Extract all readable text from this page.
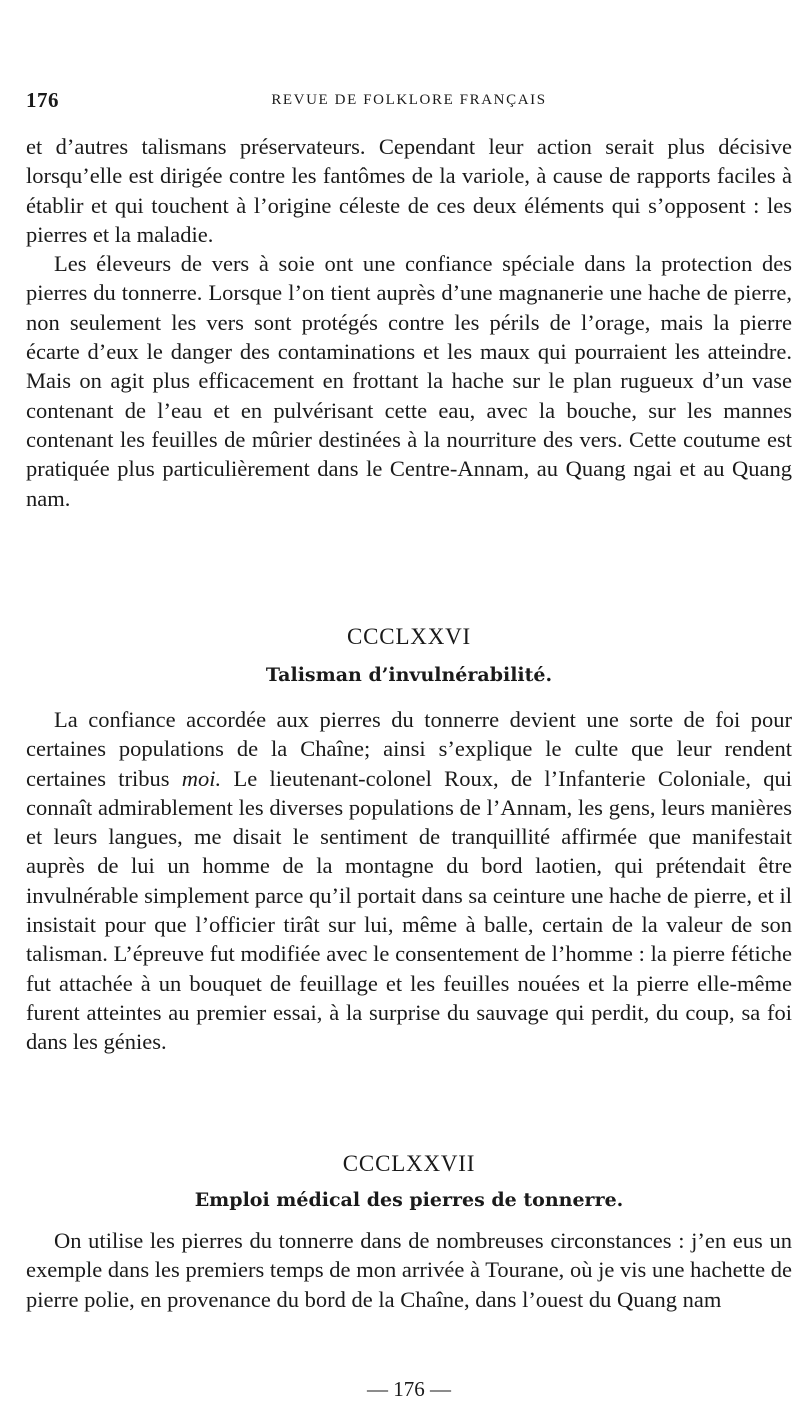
176	REVUE DE FOLKLORE FRANÇAIS

et d’autres talismans préservateurs. Cependant leur action serait plus décisive lorsqu’elle est dirigée contre les fantômes de la variole, à cause de rapports faciles à établir et qui touchent à l’origine céleste de ces deux éléments qui s’opposent : les pierres et la maladie.

Les éleveurs de vers à soie ont une confiance spéciale dans la protection des pierres du tonnerre. Lorsque l’on tient auprès d’une magnanerie une hache de pierre, non seulement les vers sont protégés contre les périls de l’orage, mais la pierre écarte d’eux le danger des contaminations et les maux qui pourraient les atteindre. Mais on agit plus efficacement en frottant la hache sur le plan rugueux d’un vase contenant de l’eau et en pulvérisant cette eau, avec la bouche, sur les mannes contenant les feuilles de mûrier destinées à la nourriture des vers. Cette coutume est pratiquée plus particulièrement dans le Centre-Annam, au Quang ngai et au Quang nam.

CCCLXXVI
Talisman d’invulnérabilité.

La confiance accordée aux pierres du tonnerre devient une sorte de foi pour certaines populations de la Chaîne; ainsi s’explique le culte que leur rendent certaines tribus moi. Le lieutenant-colonel Roux, de l’Infanterie Coloniale, qui connaît admirablement les diverses populations de l’Annam, les gens, leurs manières et leurs langues, me disait le sentiment de tranquillité affirmée que manifestait auprès de lui un homme de la montagne du bord laotien, qui prétendait être invulnérable simplement parce qu’il portait dans sa ceinture une hache de pierre, et il insistait pour que l’officier tirât sur lui, même à balle, certain de la valeur de son talisman. L’épreuve fut modifiée avec le consentement de l’homme : la pierre fétiche fut attachée à un bouquet de feuillage et les feuilles nouées et la pierre elle-même furent atteintes au premier essai, à la surprise du sauvage qui perdit, du coup, sa foi dans les génies.

CCCLXXVII
Emploi médical des pierres de tonnerre.

On utilise les pierres du tonnerre dans de nombreuses circonstances : j’en eus un exemple dans les premiers temps de mon arrivée à Tourane, où je vis une hachette de pierre polie, en provenance du bord de la Chaîne, dans l’ouest du Quang nam

— 176 —
